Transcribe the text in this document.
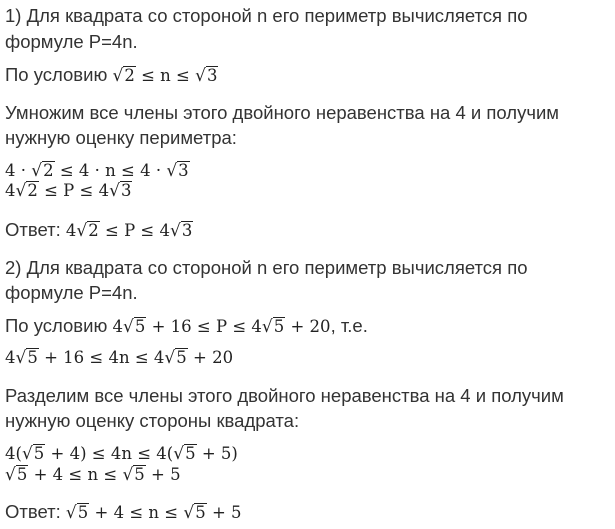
1) Для квадрата со стороной n его периметр вычисляется по
формуле P=4n.
По условию √2 ≤ n ≤ √3
Умножим все члены этого двойного неравенства на 4 и получим
нужную оценку периметра:
4 · √2 ≤ 4 · n ≤ 4 · √3
4√2 ≤ P ≤ 4√3
Ответ: 4√2 ≤ P ≤ 4√3
2) Для квадрата со стороной n его периметр вычисляется по
формуле P=4n.
По условию 4√5 + 16 ≤ P ≤ 4√5 + 20, т.е.
4√5 + 16 ≤ 4n ≤ 4√5 + 20
Разделим все члены этого двойного неравенства на 4 и получим
нужную оценку стороны квадрата:
4(√5 + 4) ≤ 4n ≤ 4(√5 + 5)
√5 + 4 ≤ n ≤ √5 + 5
Ответ: √5 + 4 ≤ n ≤ √5 + 5
